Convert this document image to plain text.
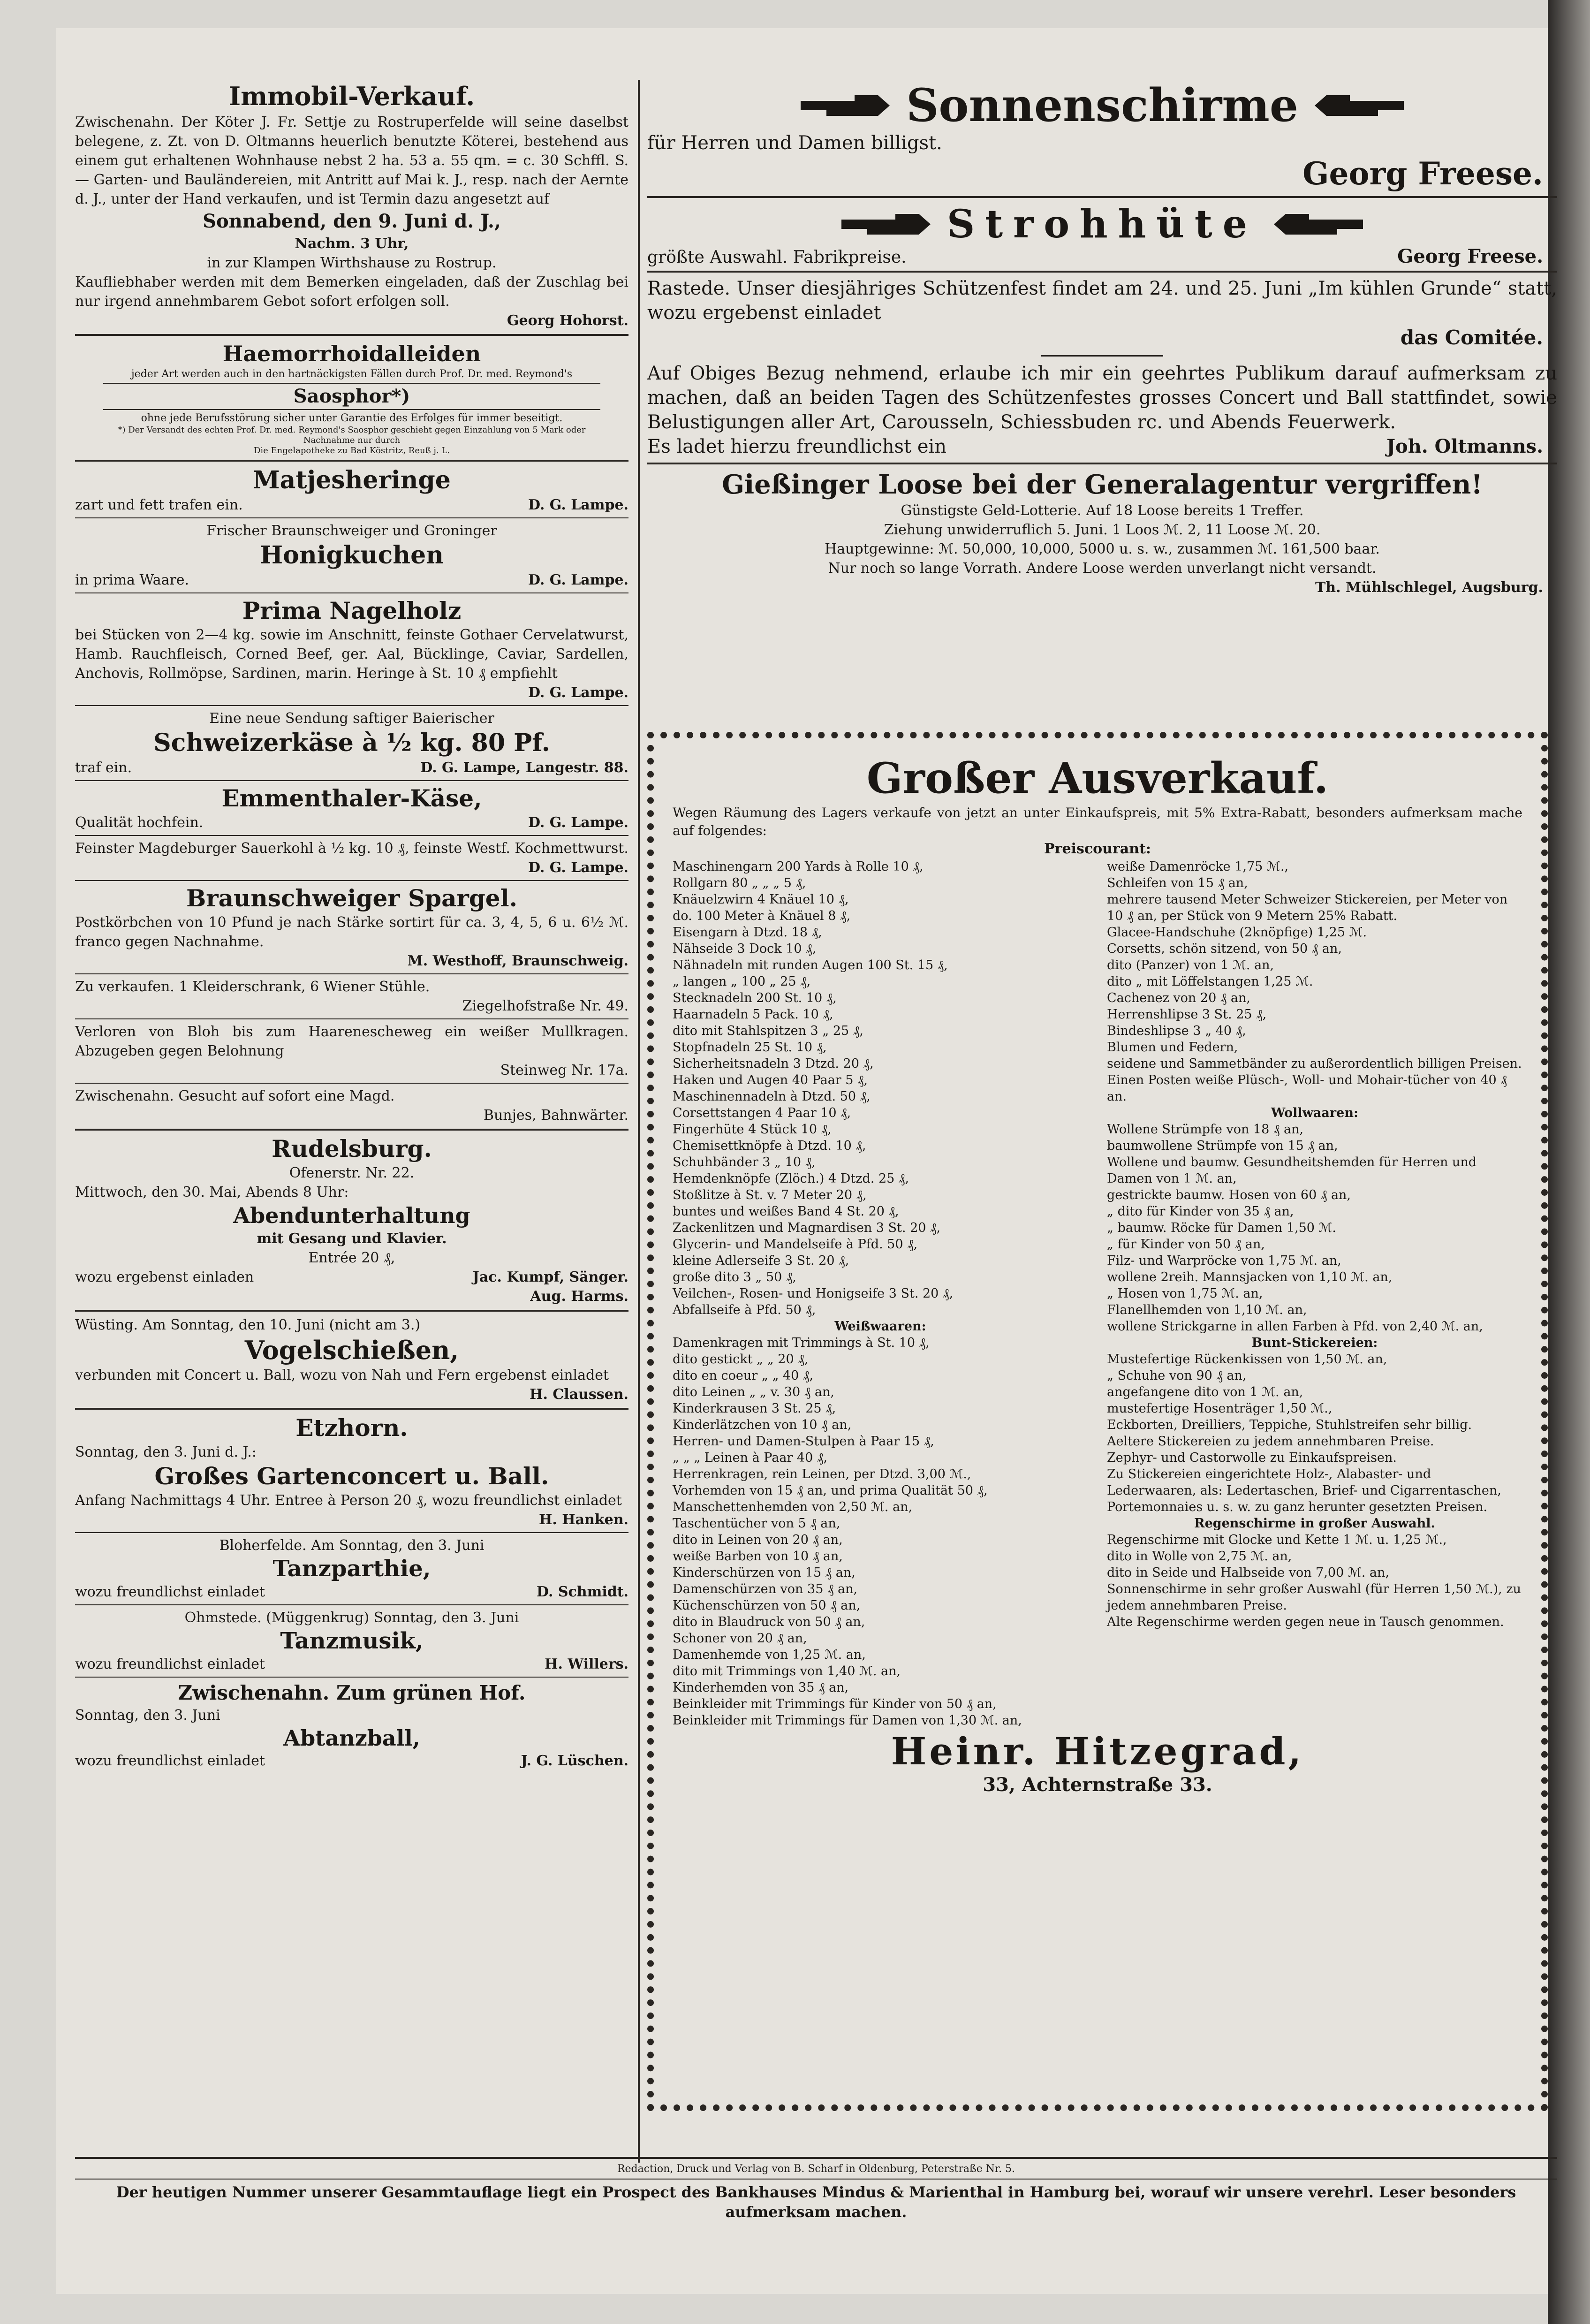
Immobil-Verkauf.

Zwischenahn. Der Köter J. Fr. Settje zu Rostruperfelde will seine daselbst belegene, z. Zt. von D. Oltmanns heuerlich benutzte Köterei, bestehend aus einem gut erhaltenen Wohnhause nebst 2 ha. 53 a. 55 qm. = c. 30 Schffl. S. — Garten- und Bauländereien, mit Antritt auf Mai k. J., resp. nach der Aernte d. J., unter der Hand verkaufen, und ist Termin dazu angesetzt auf

Sonnabend, den 9. Juni d. J.,

Nachm. 3 Uhr,

in zur Klampen Wirthshause zu Rostrup.

Kaufliebhaber werden mit dem Bemerken eingeladen, daß der Zuschlag bei nur irgend annehmbarem Gebot sofort erfolgen soll.

Georg Hohorst.

Haemorrhoidalleiden

jeder Art werden auch in den hartnäckigsten Fällen durch Prof. Dr. med. Reymond's

Saosphor*)

ohne jede Berufsstörung sicher unter Garantie des Erfolges für immer beseitigt.

*) Der Versandt des echten Prof. Dr. med. Reymond's Saosphor geschieht gegen Einzahlung von 5 Mark oder Nachnahme nur durch

Die Engelapotheke zu Bad Köstritz, Reuß j. L.

Matjesheringe

zart und fett trafen ein.	D. G. Lampe.

Frischer Braunschweiger und Groninger

Honigkuchen

in prima Waare.	D. G. Lampe.

Prima Nagelholz

bei Stücken von 2—4 kg. sowie im Anschnitt, feinste Gothaer Cervelatwurst, Hamb. Rauchfleisch, Corned Beef, ger. Aal, Bücklinge, Caviar, Sardellen, Anchovis, Rollmöpse, Sardinen, marin. Heringe à St. 10 ₰ empfiehlt

D. G. Lampe.

Eine neue Sendung saftiger Baierischer

Schweizerkäse à ½ kg. 80 Pf.

traf ein.	D. G. Lampe, Langestr. 88.

Emmenthaler-Käse,

Qualität hochfein.	D. G. Lampe.

Feinster Magdeburger Sauerkohl à ½ kg. 10 ₰, feinste Westf. Kochmettwurst.

D. G. Lampe.

Braunschweiger Spargel.

Postkörbchen von 10 Pfund je nach Stärke sortirt für ca. 3, 4, 5, 6 u. 6½ ℳ. franco gegen Nachnahme.

M. Westhoff, Braunschweig.

Zu verkaufen. 1 Kleiderschrank, 6 Wiener Stühle.

Ziegelhofstraße Nr. 49.

Verloren von Bloh bis zum Haarenescheweg ein weißer Mullkragen. Abzugeben gegen Belohnung

Steinweg Nr. 17a.

Zwischenahn. Gesucht auf sofort eine Magd.

Bunjes, Bahnwärter.

Rudelsburg.

Ofenerstr. Nr. 22.

Mittwoch, den 30. Mai, Abends 8 Uhr:

Abendunterhaltung

mit Gesang und Klavier.

Entrée 20 ₰,

wozu ergebenst einladen	Jac. Kumpf, Sänger.

Aug. Harms.

Wüsting. Am Sonntag, den 10. Juni (nicht am 3.)

Vogelschießen,

verbunden mit Concert u. Ball, wozu von Nah und Fern ergebenst einladet

H. Claussen.

Etzhorn.

Sonntag, den 3. Juni d. J.:

Großes Gartenconcert u. Ball.

Anfang Nachmittags 4 Uhr. Entree à Person 20 ₰, wozu freundlichst einladet

H. Hanken.

Bloherfelde. Am Sonntag, den 3. Juni

Tanzparthie,

wozu freundlichst einladet	D. Schmidt.

Ohmstede. (Müggenkrug) Sonntag, den 3. Juni

Tanzmusik,

wozu freundlichst einladet	H. Willers.

Zwischenahn. Zum grünen Hof.

Sonntag, den 3. Juni

Abtanzball,

wozu freundlichst einladet	J. G. Lüschen.

Sonnenschirme

für Herren und Damen billigst.

Georg Freese.

Strohhüte

größte Auswahl. Fabrikpreise.	Georg Freese.

Rastede. Unser diesjähriges Schützenfest findet am 24. und 25. Juni „Im kühlen Grunde“ statt, wozu ergebenst einladet

das Comitée.

Auf Obiges Bezug nehmend, erlaube ich mir ein geehrtes Publikum darauf aufmerksam zu machen, daß an beiden Tagen des Schützenfestes grosses Concert und Ball stattfindet, sowie Belustigungen aller Art, Carousseln, Schiessbuden rc. und Abends Feuerwerk.

Es ladet hierzu freundlichst ein	Joh. Oltmanns.

Gießinger Loose bei der Generalagentur vergriffen!

Günstigste Geld-Lotterie. Auf 18 Loose bereits 1 Treffer.

Ziehung unwiderruflich 5. Juni. 1 Loos ℳ. 2, 11 Loose ℳ. 20.

Hauptgewinne: ℳ. 50,000, 10,000, 5000 u. s. w., zusammen ℳ. 161,500 baar.

Nur noch so lange Vorrath. Andere Loose werden unverlangt nicht versandt.

Th. Mühlschlegel, Augsburg.

Großer Ausverkauf.

Wegen Räumung des Lagers verkaufe von jetzt an unter Einkaufspreis, mit 5% Extra-Rabatt, besonders aufmerksam mache auf folgendes:

Preiscourant:

Maschinengarn 200 Yards à Rolle 10 ₰,

Rollgarn 80 „ „ „ 5 ₰,

Knäuelzwirn 4 Knäuel 10 ₰,

do. 100 Meter à Knäuel 8 ₰,

Eisengarn à Dtzd. 18 ₰,

Nähseide 3 Dock 10 ₰,

Nähnadeln mit runden Augen 100 St. 15 ₰,

„ langen „ 100 „ 25 ₰,

Stecknadeln 200 St. 10 ₰,

Haarnadeln 5 Pack. 10 ₰,

dito mit Stahlspitzen 3 „ 25 ₰,

Stopfnadeln 25 St. 10 ₰,

Sicherheitsnadeln 3 Dtzd. 20 ₰,

Haken und Augen 40 Paar 5 ₰,

Maschinennadeln à Dtzd. 50 ₰,

Corsettstangen 4 Paar 10 ₰,

Fingerhüte 4 Stück 10 ₰,

Chemisettknöpfe à Dtzd. 10 ₰,

Schuhbänder 3 „ 10 ₰,

Hemdenknöpfe (Zlöch.) 4 Dtzd. 25 ₰,

Stoßlitze à St. v. 7 Meter 20 ₰,

buntes und weißes Band 4 St. 20 ₰,

Zackenlitzen und Magnardisen 3 St. 20 ₰,

Glycerin- und Mandelseife à Pfd. 50 ₰,

kleine Adlerseife 3 St. 20 ₰,

große dito 3 „ 50 ₰,

Veilchen-, Rosen- und Honigseife 3 St. 20 ₰,

Abfallseife à Pfd. 50 ₰,

Weißwaaren:

Damenkragen mit Trimmings à St. 10 ₰,

dito gestickt „ „ 20 ₰,

dito en coeur „ „ 40 ₰,

dito Leinen „ „ v. 30 ₰ an,

Kinderkrausen 3 St. 25 ₰,

Kinderlätzchen von 10 ₰ an,

Herren- und Damen-Stulpen à Paar 15 ₰,

„ „ „ Leinen à Paar 40 ₰,

Herrenkragen, rein Leinen, per Dtzd. 3,00 ℳ.,

Vorhemden von 15 ₰ an, und prima Qualität 50 ₰,

Manschettenhemden von 2,50 ℳ. an,

Taschentücher von 5 ₰ an,

dito in Leinen von 20 ₰ an,

weiße Barben von 10 ₰ an,

Kinderschürzen von 15 ₰ an,

Damenschürzen von 35 ₰ an,

Küchenschürzen von 50 ₰ an,

dito in Blaudruck von 50 ₰ an,

Schoner von 20 ₰ an,

Damenhemde von 1,25 ℳ. an,

dito mit Trimmings von 1,40 ℳ. an,

Kinderhemden von 35 ₰ an,

Beinkleider mit Trimmings für Kinder von 50 ₰ an,

Beinkleider mit Trimmings für Damen von 1,30 ℳ. an,

weiße Damenröcke 1,75 ℳ.,

Schleifen von 15 ₰ an,

mehrere tausend Meter Schweizer Stickereien, per Meter von 10 ₰ an, per Stück von 9 Metern 25% Rabatt.

Glacee-Handschuhe (2knöpfige) 1,25 ℳ.

Corsetts, schön sitzend, von 50 ₰ an,

dito (Panzer) von 1 ℳ. an,

dito „ mit Löffelstangen 1,25 ℳ.

Cachenez von 20 ₰ an,

Herrenshlipse 3 St. 25 ₰,

Bindeshlipse 3 „ 40 ₰,

Blumen und Federn,

seidene und Sammetbänder zu außerordentlich billigen Preisen.

Einen Posten weiße Plüsch-, Woll- und Mohair-tücher von 40 ₰ an.

Wollwaaren:

Wollene Strümpfe von 18 ₰ an,

baumwollene Strümpfe von 15 ₰ an,

Wollene und baumw. Gesundheitshemden für Herren und Damen von 1 ℳ. an,

gestrickte baumw. Hosen von 60 ₰ an,

„ dito für Kinder von 35 ₰ an,

„ baumw. Röcke für Damen 1,50 ℳ.

„ für Kinder von 50 ₰ an,

Filz- und Warpröcke von 1,75 ℳ. an,

wollene 2reih. Mannsjacken von 1,10 ℳ. an,

„ Hosen von 1,75 ℳ. an,

Flanellhemden von 1,10 ℳ. an,

wollene Strickgarne in allen Farben à Pfd. von 2,40 ℳ. an,

Bunt-Stickereien:

Mustefertige Rückenkissen von 1,50 ℳ. an,

„ Schuhe von 90 ₰ an,

angefangene dito von 1 ℳ. an,

mustefertige Hosenträger 1,50 ℳ.,

Eckborten, Dreilliers, Teppiche, Stuhlstreifen sehr billig.

Aeltere Stickereien zu jedem annehmbaren Preise.

Zephyr- und Castorwolle zu Einkaufspreisen.

Zu Stickereien eingerichtete Holz-, Alabaster- und Lederwaaren, als: Ledertaschen, Brief- und Cigarrentaschen, Portemonnaies u. s. w. zu ganz herunter gesetzten Preisen.

Regenschirme in großer Auswahl.

Regenschirme mit Glocke und Kette 1 ℳ. u. 1,25 ℳ.,

dito in Wolle von 2,75 ℳ. an,

dito in Seide und Halbseide von 7,00 ℳ. an,

Sonnenschirme in sehr großer Auswahl (für Herren 1,50 ℳ.), zu jedem annehmbaren Preise.

Alte Regenschirme werden gegen neue in Tausch genommen.

Heinr. Hitzegrad,

33, Achternstraße 33.

Redaction, Druck und Verlag von B. Scharf in Oldenburg, Peterstraße Nr. 5.

Der heutigen Nummer unserer Gesammtauflage liegt ein Prospect des Bankhauses Mindus & Marienthal in Hamburg bei, worauf wir unsere verehrl. Leser besonders aufmerksam machen.
